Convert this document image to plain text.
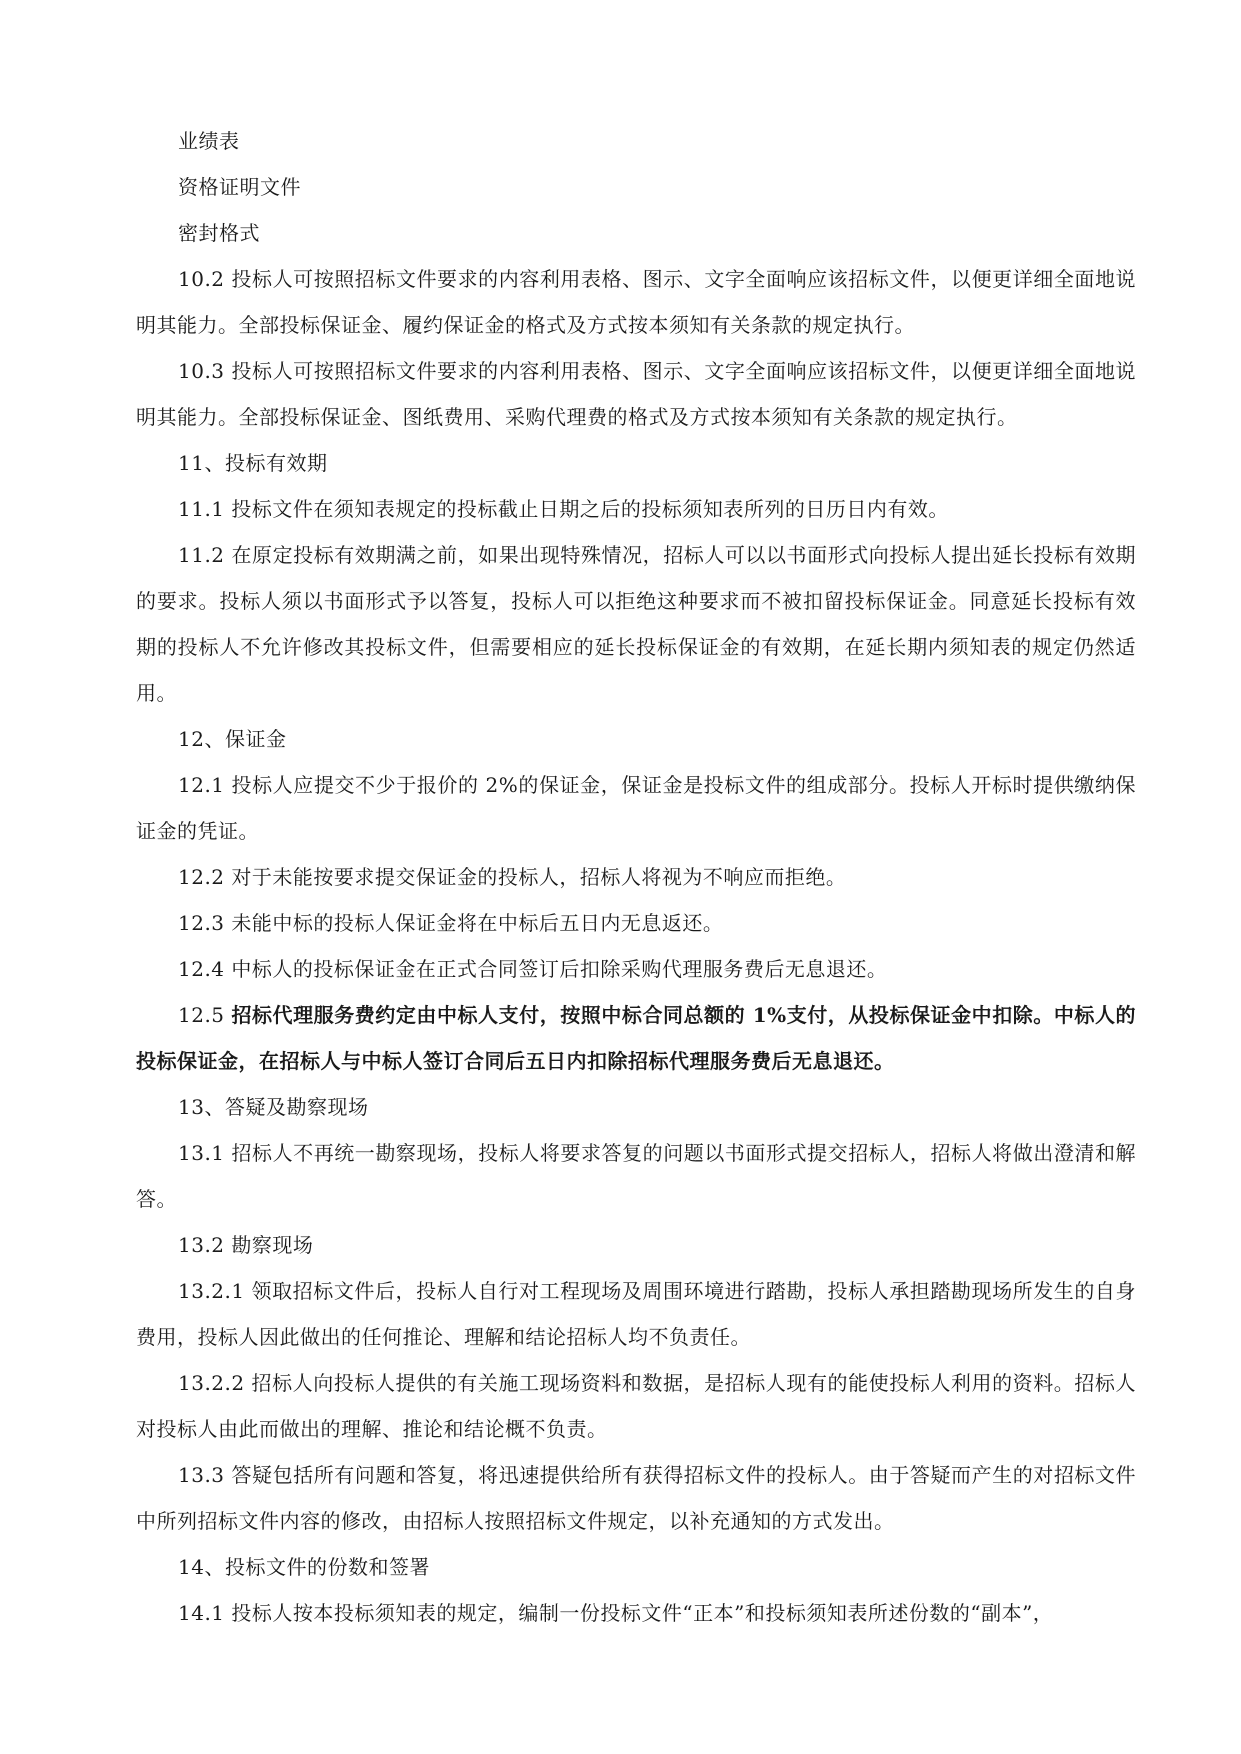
业绩表

资格证明文件

密封格式

10.2 投标人可按照招标文件要求的内容利用表格、图示、文字全面响应该招标文件，以便更详细全面地说明其能力。全部投标保证金、履约保证金的格式及方式按本须知有关条款的规定执行。

10.3 投标人可按照招标文件要求的内容利用表格、图示、文字全面响应该招标文件，以便更详细全面地说明其能力。全部投标保证金、图纸费用、采购代理费的格式及方式按本须知有关条款的规定执行。

11、投标有效期

11.1 投标文件在须知表规定的投标截止日期之后的投标须知表所列的日历日内有效。

11.2 在原定投标有效期满之前，如果出现特殊情况，招标人可以以书面形式向投标人提出延长投标有效期的要求。投标人须以书面形式予以答复，投标人可以拒绝这种要求而不被扣留投标保证金。同意延长投标有效期的投标人不允许修改其投标文件，但需要相应的延长投标保证金的有效期，在延长期内须知表的规定仍然适用。

12、保证金

12.1 投标人应提交不少于报价的 2%的保证金，保证金是投标文件的组成部分。投标人开标时提供缴纳保证金的凭证。

12.2 对于未能按要求提交保证金的投标人，招标人将视为不响应而拒绝。

12.3 未能中标的投标人保证金将在中标后五日内无息返还。

12.4 中标人的投标保证金在正式合同签订后扣除采购代理服务费后无息退还。

12.5 招标代理服务费约定由中标人支付，按照中标合同总额的 1%支付，从投标保证金中扣除。中标人的投标保证金，在招标人与中标人签订合同后五日内扣除招标代理服务费后无息退还。

13、答疑及勘察现场

13.1 招标人不再统一勘察现场，投标人将要求答复的问题以书面形式提交招标人，招标人将做出澄清和解答。

13.2 勘察现场

13.2.1 领取招标文件后，投标人自行对工程现场及周围环境进行踏勘，投标人承担踏勘现场所发生的自身费用，投标人因此做出的任何推论、理解和结论招标人均不负责任。

13.2.2 招标人向投标人提供的有关施工现场资料和数据，是招标人现有的能使投标人利用的资料。招标人对投标人由此而做出的理解、推论和结论概不负责。

13.3 答疑包括所有问题和答复，将迅速提供给所有获得招标文件的投标人。由于答疑而产生的对招标文件中所列招标文件内容的修改，由招标人按照招标文件规定，以补充通知的方式发出。

14、投标文件的份数和签署

14.1 投标人按本投标须知表的规定，编制一份投标文件“正本”和投标须知表所述份数的“副本”，
